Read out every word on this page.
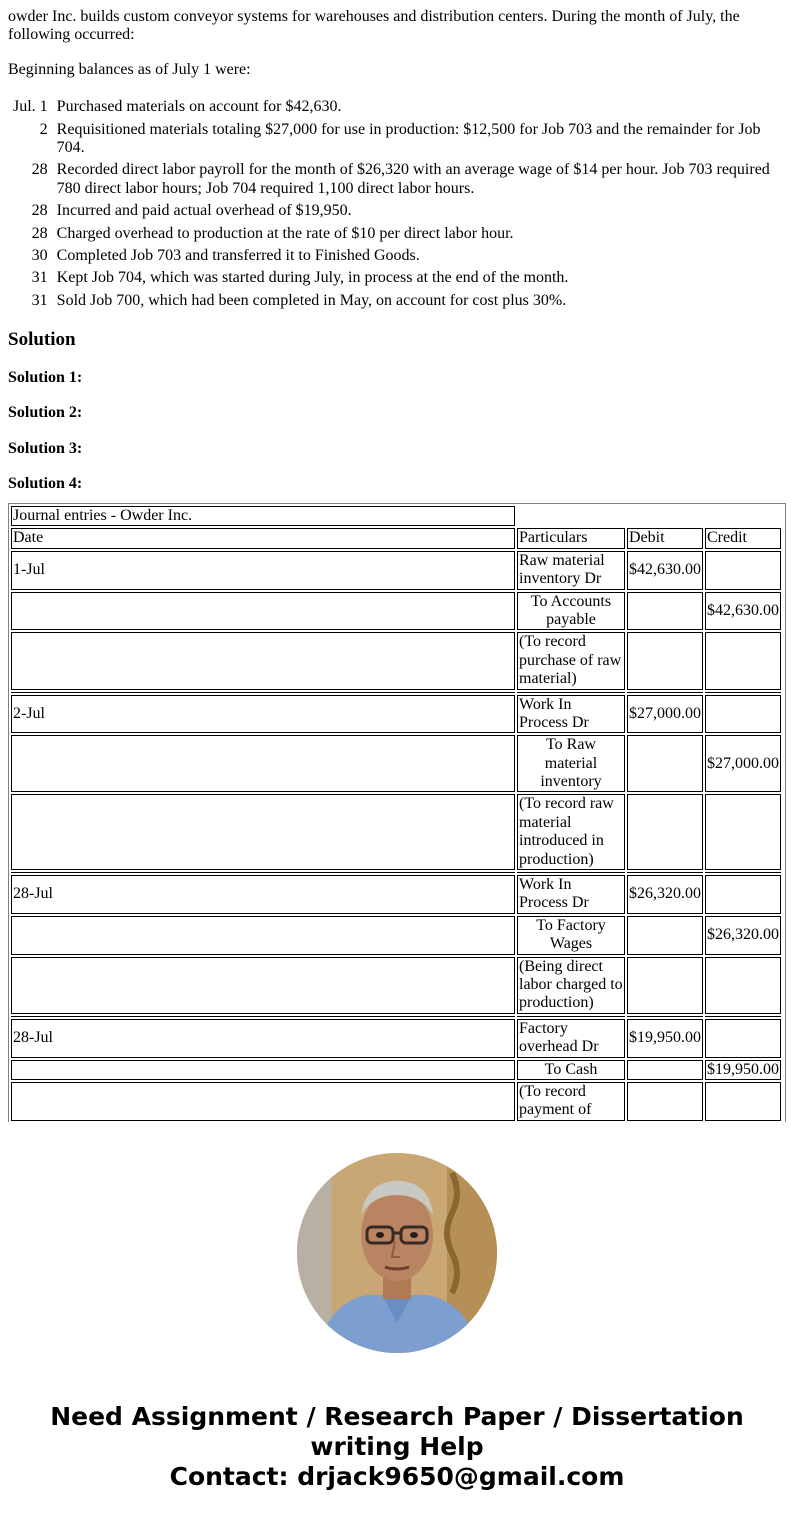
owder Inc. builds custom conveyor systems for warehouses and distribution centers. During the month of July, the following occurred:

Beginning balances as of July 1 were:

Jul. 1	Purchased materials on account for $42,630.
2	Requisitioned materials totaling $27,000 for use in production: $12,500 for Job 703 and the remainder for Job 704.
28	Recorded direct labor payroll for the month of $26,320 with an average wage of $14 per hour. Job 703 required 780 direct labor hours; Job 704 required 1,100 direct labor hours.
28	Incurred and paid actual overhead of $19,950.
28	Charged overhead to production at the rate of $10 per direct labor hour.
30	Completed Job 703 and transferred it to Finished Goods.
31	Kept Job 704, which was started during July, in process at the end of the month.
31	Sold Job 700, which had been completed in May, on account for cost plus 30%.
Solution

Solution 1:

Solution 2:

Solution 3:

Solution 4:

Journal entries - Owder Inc.			
Date	Particulars	Debit	Credit
1-Jul	Raw material inventory Dr	$42,630.00	
	To Accounts payable		$42,630.00
	(To record purchase of raw material)		

2-Jul	Work In Process Dr	$27,000.00	
	To Raw material inventory		$27,000.00
	(To record raw material introduced in production)		

28-Jul	Work In Process Dr	$26,320.00	
	To Factory Wages		$26,320.00
	(Being direct labor charged to production)		

28-Jul	Factory overhead Dr	$19,950.00	
	To Cash		$19,950.00
	(To record payment of		
Need Assignment / Research Paper / Dissertation
writing Help
Contact: drjack9650@gmail.com
